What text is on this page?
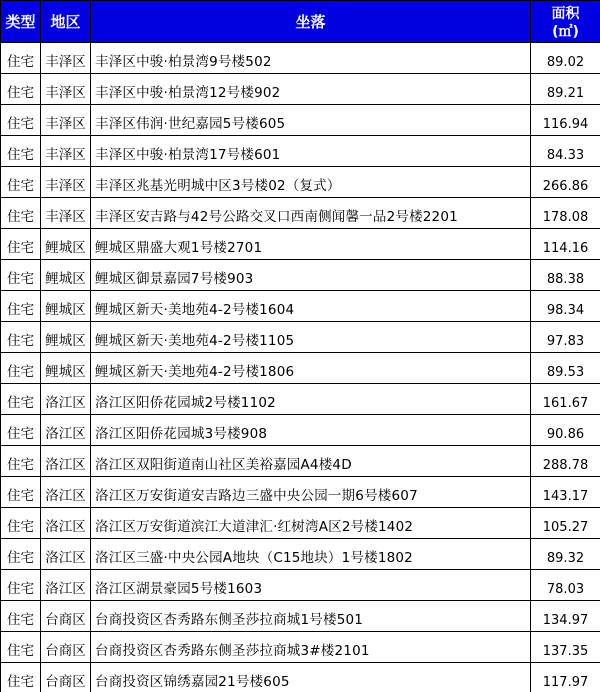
类型	地区	坐落	面积
(㎡)

住宅	丰泽区	丰泽区中骏·柏景湾9号楼502	89.02

住宅	丰泽区	丰泽区中骏·柏景湾12号楼902	89.21

住宅	丰泽区	丰泽区伟润·世纪嘉园5号楼605	116.94

住宅	丰泽区	丰泽区中骏·柏景湾17号楼601	84.33

住宅	丰泽区	丰泽区兆基光明城中区3号楼02（复式）	266.86

住宅	丰泽区	丰泽区安吉路与42号公路交叉口西南侧闻馨一品2号楼2201	178.08

住宅	鲤城区	鲤城区鼎盛大观1号楼2701	114.16

住宅	鲤城区	鲤城区御景嘉园7号楼903	88.38

住宅	鲤城区	鲤城区新天·美地苑4-2号楼1604	98.34

住宅	鲤城区	鲤城区新天·美地苑4-2号楼1105	97.83

住宅	鲤城区	鲤城区新天·美地苑4-2号楼1806	89.53

住宅	洛江区	洛江区阳侨花园城2号楼1102	161.67

住宅	洛江区	洛江区阳侨花园城3号楼908	90.86

住宅	洛江区	洛江区双阳街道南山社区美裕嘉园A4楼4D	288.78

住宅	洛江区	洛江区万安街道安吉路边三盛中央公园一期6号楼607	143.17

住宅	洛江区	洛江区万安街道滨江大道津汇·红树湾A区2号楼1402	105.27

住宅	洛江区	洛江区三盛·中央公园A地块（C15地块）1号楼1802	89.32

住宅	洛江区	洛江区湖景豪园5号楼1603	78.03

住宅	台商区	台商投资区杏秀路东侧圣莎拉商城1号楼501	134.97

住宅	台商区	台商投资区杏秀路东侧圣莎拉商城3#楼2101	137.35

住宅	台商区	台商投资区锦绣嘉园21号楼605	117.97
